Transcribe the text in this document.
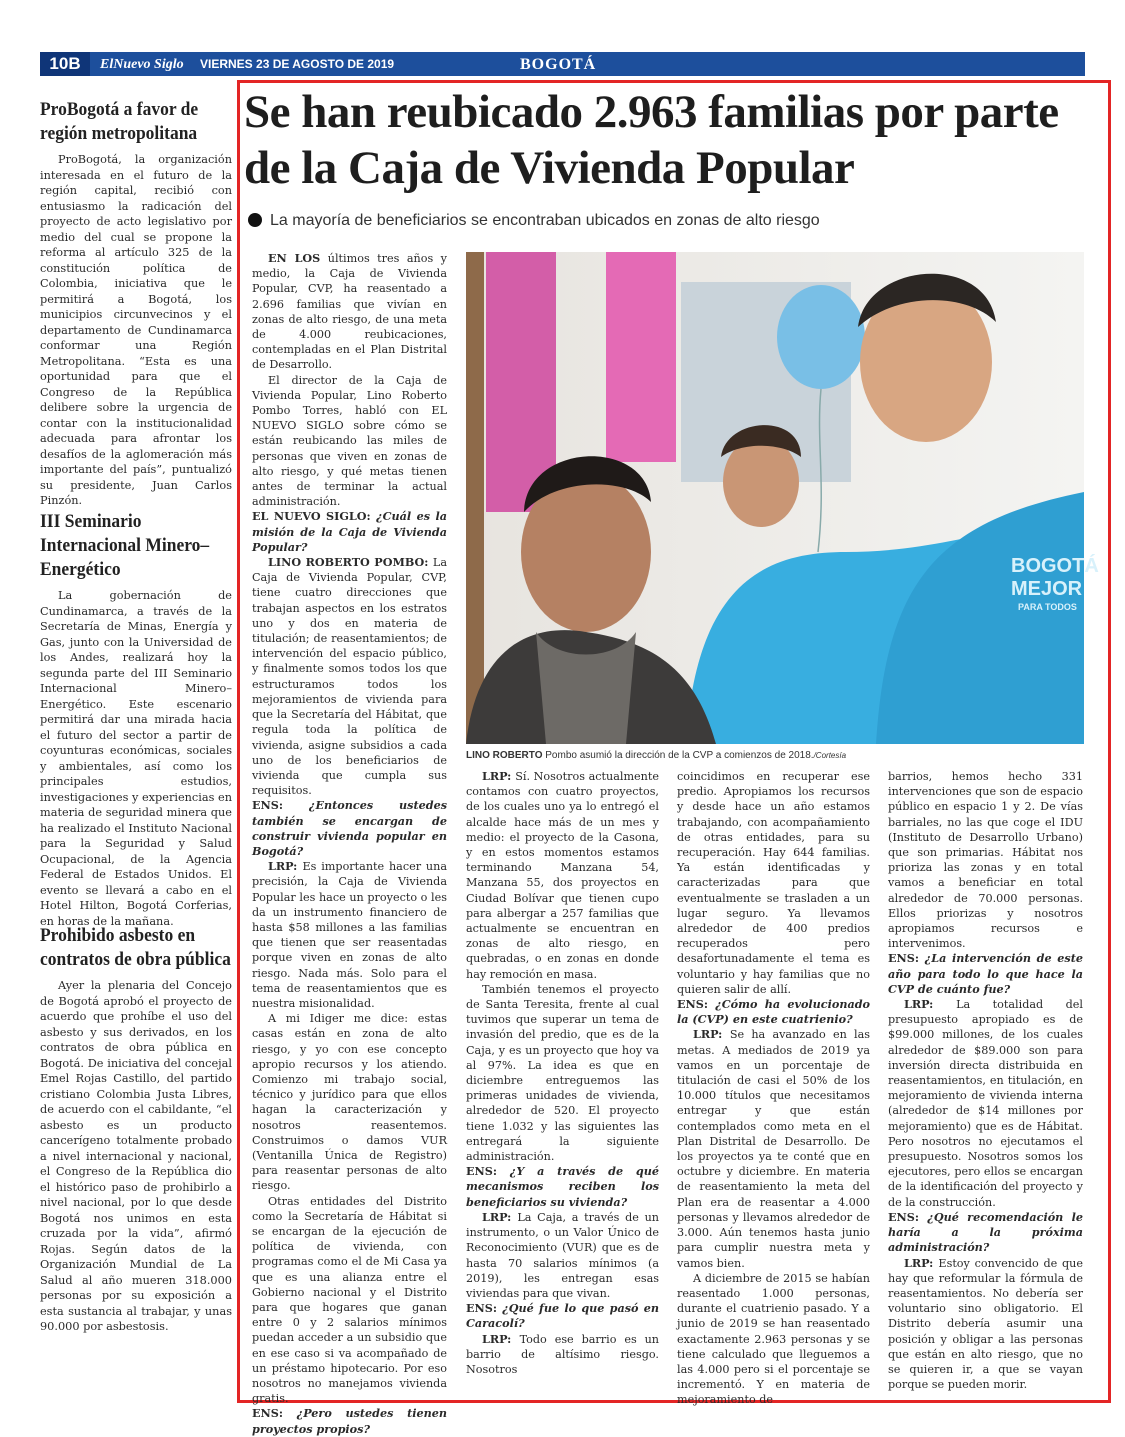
10B	ElNuevo Siglo VIERNES 23 DE AGOSTO DE 2019	BOGOTÁ
ProBogotá a favor de región metropolitana

ProBogotá, la organización interesada en el futuro de la región capital, recibió con entusiasmo la radicación del proyecto de acto legislativo por medio del cual se propone la reforma al artículo 325 de la constitución política de Colombia, iniciativa que le permitirá a Bogotá, los municipios circunvecinos y el departamento de Cundinamarca conformar una Región Metropolitana. “Esta es una oportunidad para que el Congreso de la República delibere sobre la urgencia de contar con la institucionalidad adecuada para afrontar los desafíos de la aglomeración más importante del país”, puntualizó su presidente, Juan Carlos Pinzón.

III Seminario Internacional Minero–Energético

La gobernación de Cundinamarca, a través de la Secretaría de Minas, Energía y Gas, junto con la Universidad de los Andes, realizará hoy la segunda parte del III Seminario Internacional Minero–Energético. Este escenario permitirá dar una mirada hacia el futuro del sector a partir de coyunturas económicas, sociales y ambientales, así como los principales estudios, investigaciones y experiencias en materia de seguridad minera que ha realizado el Instituto Nacional para la Seguridad y Salud Ocupacional, de la Agencia Federal de Estados Unidos. El evento se llevará a cabo en el Hotel Hilton, Bogotá Corferias, en horas de la mañana.

Prohibido asbesto en contratos de obra pública

Ayer la plenaria del Concejo de Bogotá aprobó el proyecto de acuerdo que prohíbe el uso del asbesto y sus derivados, en los contratos de obra pública en Bogotá. De iniciativa del concejal Emel Rojas Castillo, del partido cristiano Colombia Justa Libres, de acuerdo con el cabildante, “el asbesto es un producto cancerígeno totalmente probado a nivel internacional y nacional, el Congreso de la República dio el histórico paso de prohibirlo a nivel nacional, por lo que desde Bogotá nos unimos en esta cruzada por la vida”, afirmó Rojas. Según datos de la Organización Mundial de La Salud al año mueren 318.000 personas por su exposición a esta sustancia al trabajar, y unas 90.000 por asbestosis.

Se han reubicado 2.963 familias por parte de la Caja de Vivienda Popular
La mayoría de beneficiarios se encontraban ubicados en zonas de alto riesgo
BOGOTÁ
MEJOR
PARA TODOS
LINO ROBERTO Pombo asumió la dirección de la CVP a comienzos de 2018./Cortesía

EN LOS últimos tres años y medio, la Caja de Vivienda Popular, CVP, ha reasentado a 2.696 familias que vivían en zonas de alto riesgo, de una meta de 4.000 reubicaciones, contempladas en el Plan Distrital de Desarrollo.

El director de la Caja de Vivienda Popular, Lino Roberto Pombo Torres, habló con EL NUEVO SIGLO sobre cómo se están reubicando las miles de personas que viven en zonas de alto riesgo, y qué metas tienen antes de terminar la actual administración.

EL NUEVO SIGLO: ¿Cuál es la misión de la Caja de Vivienda Popular?

LINO ROBERTO POMBO: La Caja de Vivienda Popular, CVP, tiene cuatro direcciones que trabajan aspectos en los estratos uno y dos en materia de titulación; de reasentamientos; de intervención del espacio público, y finalmente somos todos los que estructuramos todos los mejoramientos de vivienda para que la Secretaría del Hábitat, que regula toda la política de vivienda, asigne subsidios a cada uno de los beneficiarios de vivienda que cumpla sus requisitos.

ENS: ¿Entonces ustedes también se encargan de construir vivienda popular en Bogotá?

LRP: Es importante hacer una precisión, la Caja de Vivienda Popular les hace un proyecto o les da un instrumento financiero de hasta $58 millones a las familias que tienen que ser reasentadas porque viven en zonas de alto riesgo. Nada más. Solo para el tema de reasentamientos que es nuestra misionalidad.

A mi Idiger me dice: estas casas están en zona de alto riesgo, y yo con ese concepto apropio recursos y los atiendo. Comienzo mi trabajo social, técnico y jurídico para que ellos hagan la caracterización y nosotros reasentemos. Construimos o damos VUR (Ventanilla Única de Registro) para reasentar personas de alto riesgo.

Otras entidades del Distrito como la Secretaría de Hábitat si se encargan de la ejecución de política de vivienda, con programas como el de Mi Casa ya que es una alianza entre el Gobierno nacional y el Distrito para que hogares que ganan entre 0 y 2 salarios mínimos puedan acceder a un subsidio que en ese caso si va acompañado de un préstamo hipotecario. Por eso nosotros no manejamos vivienda gratis.

ENS: ¿Pero ustedes tienen proyectos propios?

LRP: Sí. Nosotros actualmente contamos con cuatro proyectos, de los cuales uno ya lo entregó el alcalde hace más de un mes y medio: el proyecto de la Casona, y en estos momentos estamos terminando Manzana 54, Manzana 55, dos proyectos en Ciudad Bolívar que tienen cupo para albergar a 257 familias que actualmente se encuentran en zonas de alto riesgo, en quebradas, o en zonas en donde hay remoción en masa.

También tenemos el proyecto de Santa Teresita, frente al cual tuvimos que superar un tema de invasión del predio, que es de la Caja, y es un proyecto que hoy va al 97%. La idea es que en diciembre entreguemos las primeras unidades de vivienda, alrededor de 520. El proyecto tiene 1.032 y las siguientes las entregará la siguiente administración.

ENS: ¿Y a través de qué mecanismos reciben los beneficiarios su vivienda?

LRP: La Caja, a través de un instrumento, o un Valor Único de Reconocimiento (VUR) que es de hasta 70 salarios mínimos (a 2019), les entregan esas viviendas para que vivan.

ENS: ¿Qué fue lo que pasó en Caracolí?

LRP: Todo ese barrio es un barrio de altísimo riesgo. Nosotros

coincidimos en recuperar ese predio. Apropiamos los recursos y desde hace un año estamos trabajando, con acompañamiento de otras entidades, para su recuperación. Hay 644 familias. Ya están identificadas y caracterizadas para que eventualmente se trasladen a un lugar seguro. Ya llevamos alrededor de 400 predios recuperados pero desafortunadamente el tema es voluntario y hay familias que no quieren salir de allí.

ENS: ¿Cómo ha evolucionado la (CVP) en este cuatrienio?

LRP: Se ha avanzado en las metas. A mediados de 2019 ya vamos en un porcentaje de titulación de casi el 50% de los 10.000 títulos que necesitamos entregar y que están contemplados como meta en el Plan Distrital de Desarrollo. De los proyectos ya te conté que en octubre y diciembre. En materia de reasentamiento la meta del Plan era de reasentar a 4.000 personas y llevamos alrededor de 3.000. Aún tenemos hasta junio para cumplir nuestra meta y vamos bien.

A diciembre de 2015 se habían reasentado 1.000 personas, durante el cuatrienio pasado. Y a junio de 2019 se han reasentado exactamente 2.963 personas y se tiene calculado que lleguemos a las 4.000 pero si el porcentaje se incrementó. Y en materia de mejoramiento de

barrios, hemos hecho 331 intervenciones que son de espacio público en espacio 1 y 2. De vías barriales, no las que coge el IDU (Instituto de Desarrollo Urbano) que son primarias. Hábitat nos prioriza las zonas y en total vamos a beneficiar en total alrededor de 70.000 personas. Ellos priorizas y nosotros apropiamos recursos e intervenimos.

ENS: ¿La intervención de este año para todo lo que hace la CVP de cuánto fue?

LRP: La totalidad del presupuesto apropiado es de $99.000 millones, de los cuales alrededor de $89.000 son para inversión directa distribuida en reasentamientos, en titulación, en mejoramiento de vivienda interna (alrededor de $14 millones por mejoramiento) que es de Hábitat. Pero nosotros no ejecutamos el presupuesto. Nosotros somos los ejecutores, pero ellos se encargan de la identificación del proyecto y de la construcción.

ENS: ¿Qué recomendación le haría a la próxima administración?

LRP: Estoy convencido de que hay que reformular la fórmula de reasentamientos. No debería ser voluntario sino obligatorio. El Distrito debería asumir una posición y obligar a las personas que están en alto riesgo, que no se quieren ir, a que se vayan porque se pueden morir.
